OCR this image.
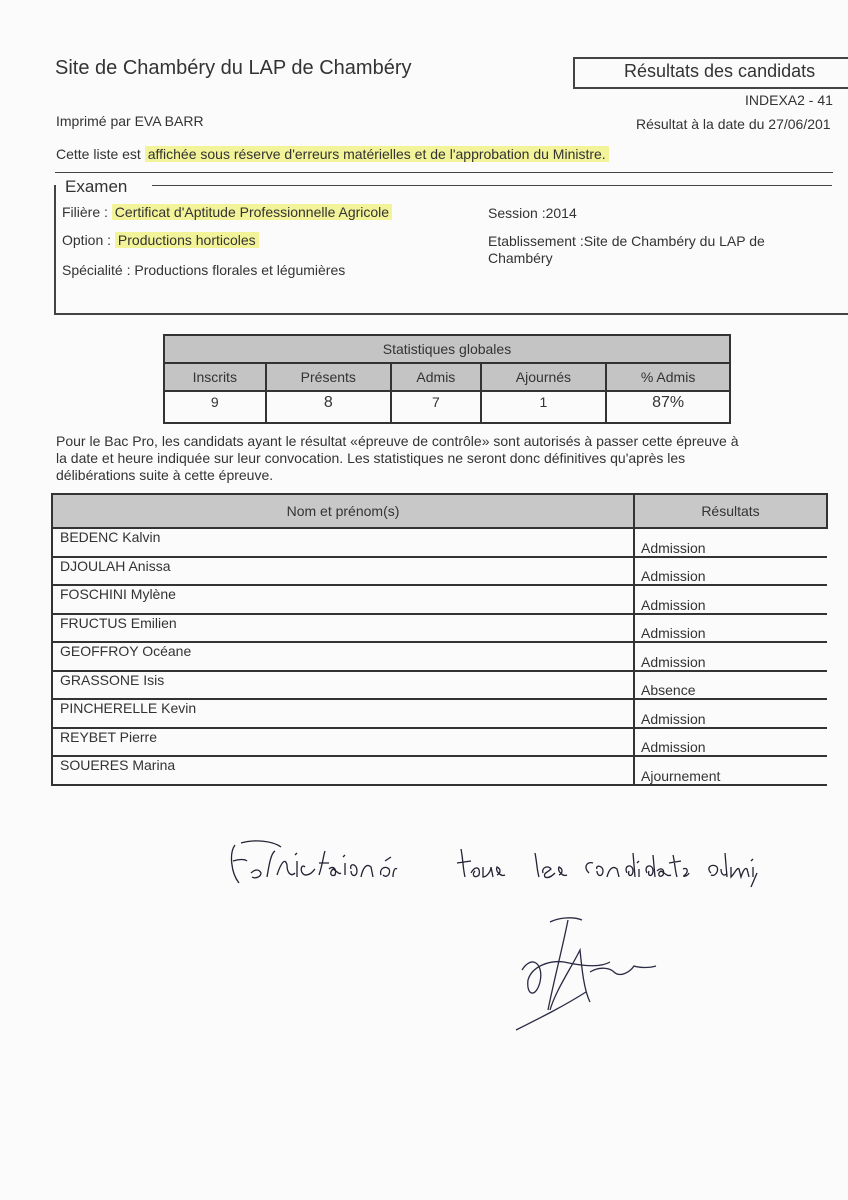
Site de Chambéry du LAP de Chambéry	Résultats des candidats
INDEXA2 - 41
Imprimé par EVA BARR	Résultat à la date du 27/06/201
Cette liste est affichée sous réserve d'erreurs matérielles et de l'approbation du Ministre.
Examen
Filière : Certificat d'Aptitude Professionnelle Agricole
Option : Productions horticoles
Spécialité : Productions florales et légumières
Session :2014
Etablissement :Site de Chambéry du LAP de Chambéry
Statistiques globales				
Inscrits	Présents	Admis	Ajournés	% Admis
9	8	7	1	87%
Pour le Bac Pro, les candidats ayant le résultat «épreuve de contrôle» sont autorisés à passer cette épreuve à la date et heure indiquée sur leur convocation. Les statistiques ne seront donc définitives qu'après les délibérations suite à cette épreuve.
Nom et prénom(s)	Résultats
BEDENC Kalvin	Admission
DJOULAH Anissa	Admission
FOSCHINI Mylène	Admission
FRUCTUS Emilien	Admission
GEOFFROY Océane	Admission
GRASSONE Isis	Absence
PINCHERELLE Kevin	Admission
REYBET Pierre	Admission
SOUERES Marina	Ajournement
